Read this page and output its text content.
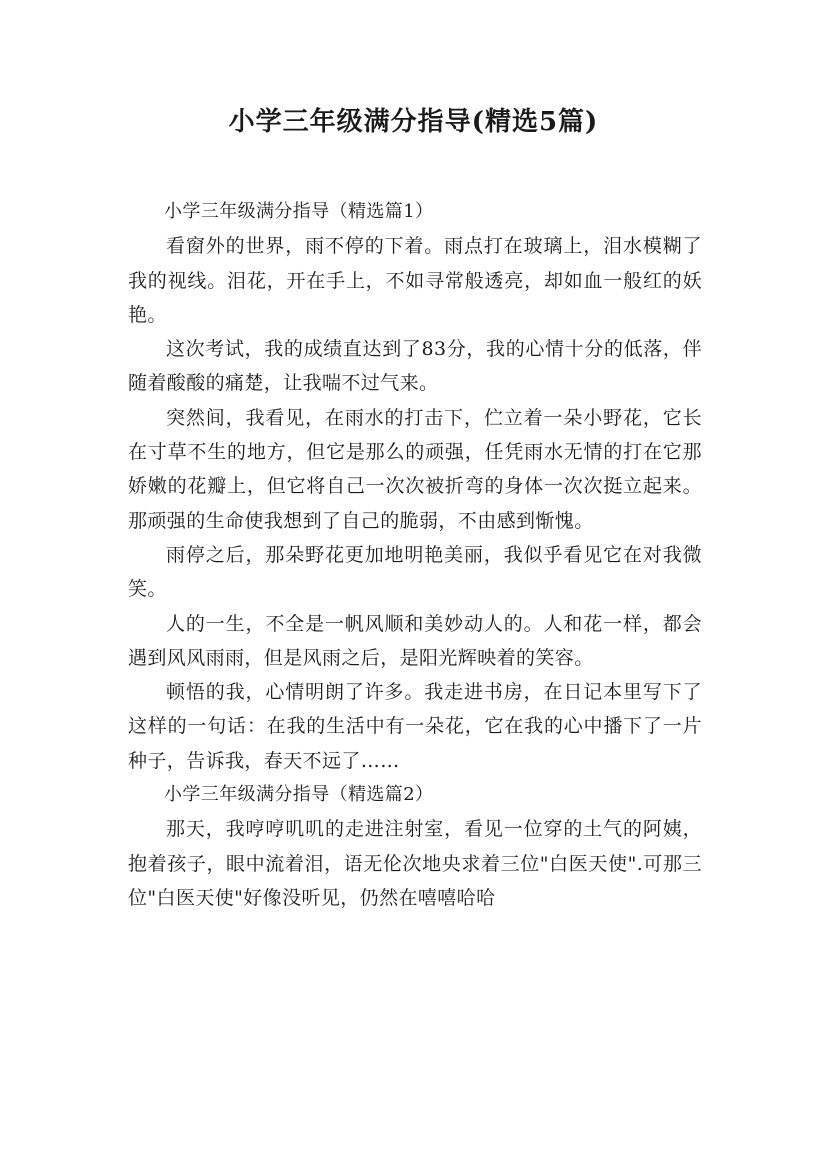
小学三年级满分指导(精选5篇)

小学三年级满分指导（精选篇1）

看窗外的世界，雨不停的下着。雨点打在玻璃上，泪水模糊了我的视线。泪花，开在手上，不如寻常般透亮，却如血一般红的妖艳。

这次考试，我的成绩直达到了83分，我的心情十分的低落，伴随着酸酸的痛楚，让我喘不过气来。

突然间，我看见，在雨水的打击下，伫立着一朵小野花，它长在寸草不生的地方，但它是那么的顽强，任凭雨水无情的打在它那娇嫩的花瓣上，但它将自己一次次被折弯的身体一次次挺立起来。那顽强的生命使我想到了自己的脆弱，不由感到惭愧。

雨停之后，那朵野花更加地明艳美丽，我似乎看见它在对我微笑。

人的一生，不全是一帆风顺和美妙动人的。人和花一样，都会遇到风风雨雨，但是风雨之后，是阳光辉映着的笑容。

顿悟的我，心情明朗了许多。我走进书房，在日记本里写下了这样的一句话：在我的生活中有一朵花，它在我的心中播下了一片种子，告诉我，春天不远了……

小学三年级满分指导（精选篇2）

那天，我哼哼叽叽的走进注射室，看见一位穿的土气的阿姨，抱着孩子，眼中流着泪，语无伦次地央求着三位"白医天使".可那三位"白医天使"好像没听见，仍然在嘻嘻哈哈
